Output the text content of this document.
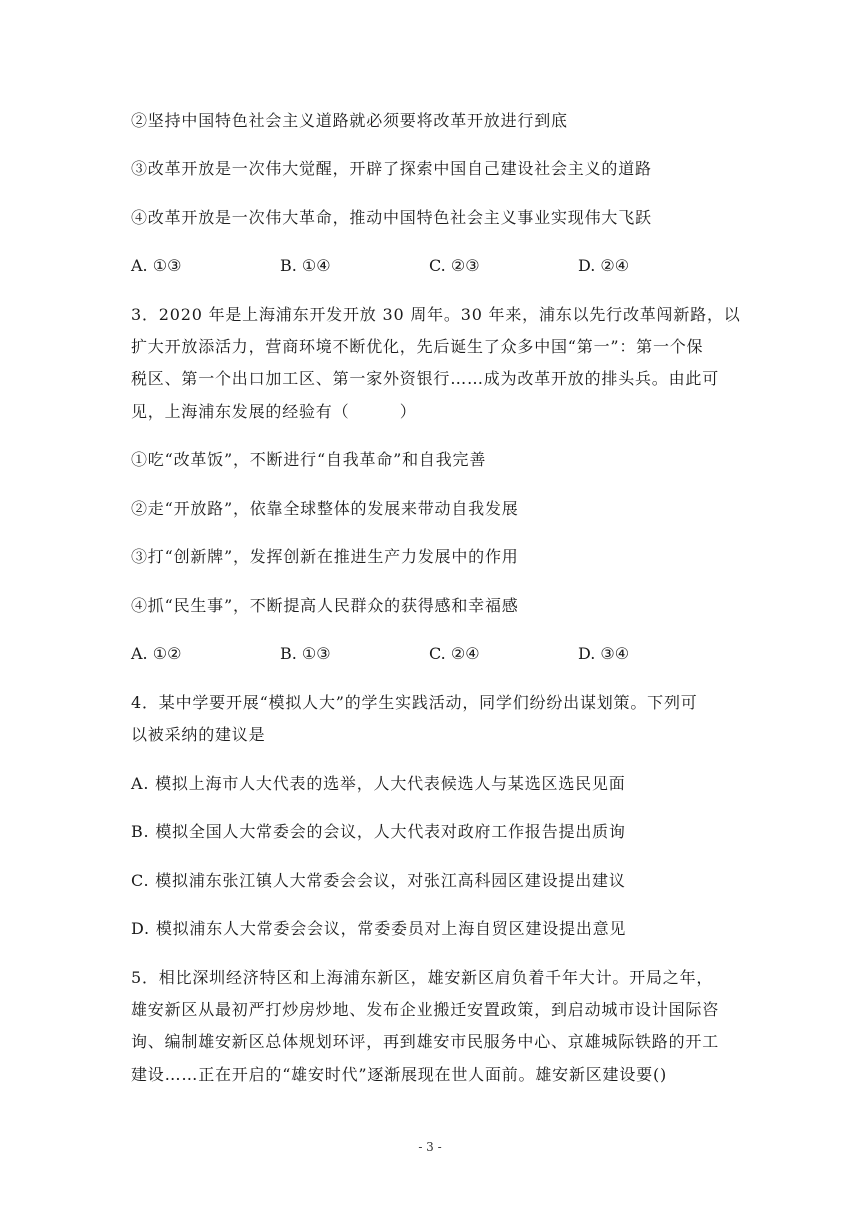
②坚持中国特色社会主义道路就必须要将改革开放进行到底
③改革开放是一次伟大觉醒，开辟了探索中国自己建设社会主义的道路
④改革开放是一次伟大革命，推动中国特色社会主义事业实现伟大飞跃
A. ①③	B. ①④	C. ②③	D. ②④
3．2020 年是上海浦东开发开放 30 周年。30 年来，浦东以先行改革闯新路，以
扩大开放添活力，营商环境不断优化，先后诞生了众多中国“第一”：第一个保
税区、第一个出口加工区、第一家外资银行……成为改革开放的排头兵。由此可
见，上海浦东发展的经验有（　　　）
①吃“改革饭”，不断进行“自我革命”和自我完善
②走“开放路”，依靠全球整体的发展来带动自我发展
③打“创新牌”，发挥创新在推进生产力发展中的作用
④抓“民生事”，不断提高人民群众的获得感和幸福感
A. ①②	B. ①③	C. ②④	D. ③④
4．某中学要开展“模拟人大”的学生实践活动，同学们纷纷出谋划策。下列可
以被采纳的建议是
A. 模拟上海市人大代表的选举，人大代表候选人与某选区选民见面
B. 模拟全国人大常委会的会议，人大代表对政府工作报告提出质询
C. 模拟浦东张江镇人大常委会会议，对张江高科园区建设提出建议
D. 模拟浦东人大常委会会议，常委委员对上海自贸区建设提出意见
5．相比深圳经济特区和上海浦东新区，雄安新区肩负着千年大计。开局之年，
雄安新区从最初严打炒房炒地、发布企业搬迁安置政策，到启动城市设计国际咨
询、编制雄安新区总体规划环评，再到雄安市民服务中心、京雄城际铁路的开工
建设……正在开启的“雄安时代”逐渐展现在世人面前。雄安新区建设要()
- 3 -
